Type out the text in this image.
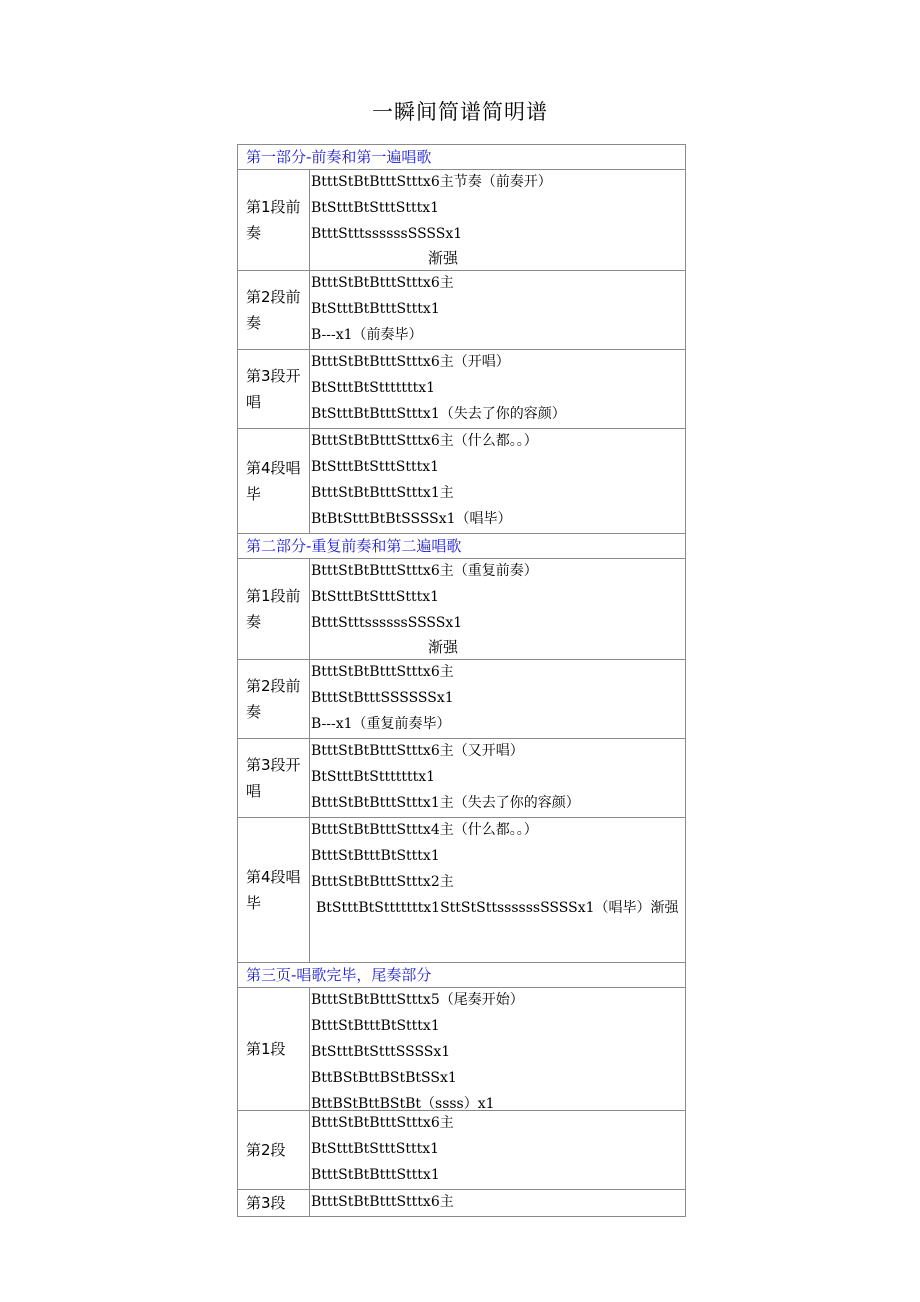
一瞬间简谱简明谱
第一部分-前奏和第一遍唱歌	
第1段前奏	BtttStBtBtttStttx6主节奏（前奏开）
BtStttBtStttStttx1
BtttStttssssssSSSSx1
渐强

第2段前奏	BtttStBtBtttStttx6主
BtStttBtBtttStttx1
B---x1（前奏毕）

第3段开唱	BtttStBtBtttStttx6主（开唱）
BtStttBtStttttttx1
BtStttBtBtttStttx1（失去了你的容颜）

第4段唱毕	BtttStBtBtttStttx6主（什么都。。）
BtStttBtStttStttx1
BtttStBtBtttStttx1主
BtBtStttBtBtSSSSx1（唱毕）

第二部分-重复前奏和第二遍唱歌	
第1段前奏	BtttStBtBtttStttx6主（重复前奏）
BtStttBtStttStttx1
BtttStttssssssSSSSx1
渐强

第2段前奏	BtttStBtBtttStttx6主
BtttStBtttSSSSSSx1
B---x1（重复前奏毕）

第3段开唱	BtttStBtBtttStttx6主（又开唱）
BtStttBtStttttttx1
BtttStBtBtttStttx1主（失去了你的容颜）

第4段唱毕	BtttStBtBtttStttx4主（什么都。。）
BtttStBtttBtStttx1
BtttStBtBtttStttx2主
BtStttBtStttttttx1SttStSttssssssSSSSx1（唱毕）渐强

第三页-唱歌完毕，尾奏部分	
第1段	BtttStBtBtttStttx5（尾奏开始）
BtttStBtttBtStttx1
BtStttBtStttSSSSx1
BttBStBttBStBtSSx1
BttBStBttBStBt（ssss）x1

第2段	BtttStBtBtttStttx6主
BtStttBtStttStttx1
BtttStBtBtttStttx1

第3段	BtttStBtBtttStttx6主
